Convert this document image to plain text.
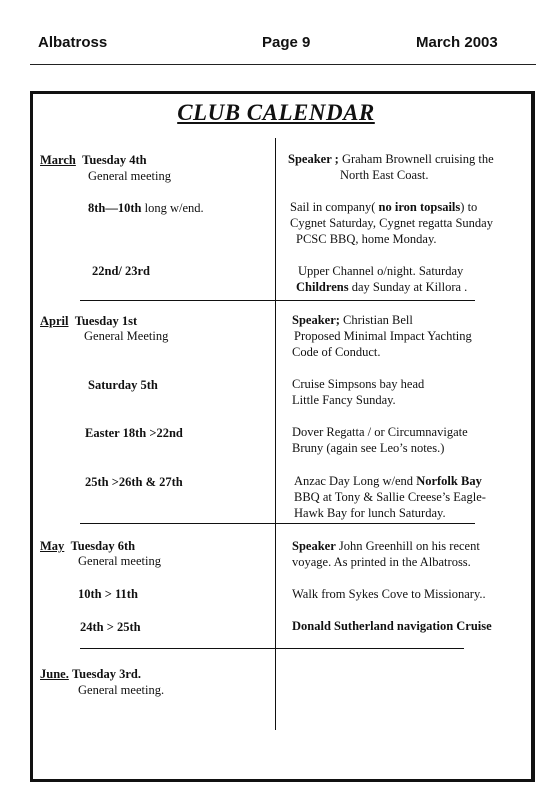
Albatross	Page 9	March 2003
CLUB CALENDAR
March Tuesday 4th
General meeting
8th—10th long w/end.
22nd/ 23rd
April Tuesday 1st
General Meeting
Saturday 5th
Easter 18th >22nd
25th >26th & 27th
May Tuesday 6th
General meeting
10th > 11th
24th > 25th
June. Tuesday 3rd.
General meeting.
Speaker ; Graham Brownell cruising the
North East Coast.
Sail in company( no iron topsails) to
Cygnet Saturday, Cygnet regatta Sunday
PCSC BBQ, home Monday.
Upper Channel o/night. Saturday
Childrens day Sunday at Killora .
Speaker; Christian Bell
Proposed Minimal Impact Yachting
Code of Conduct.
Cruise Simpsons bay head
Little Fancy Sunday.
Dover Regatta / or Circumnavigate
Bruny (again see Leo’s notes.)
Anzac Day Long w/end Norfolk Bay
BBQ at Tony & Sallie Creese’s Eagle-
Hawk Bay for lunch Saturday.
Speaker John Greenhill on his recent
voyage. As printed in the Albatross.
Walk from Sykes Cove to Missionary..
Donald Sutherland navigation Cruise
